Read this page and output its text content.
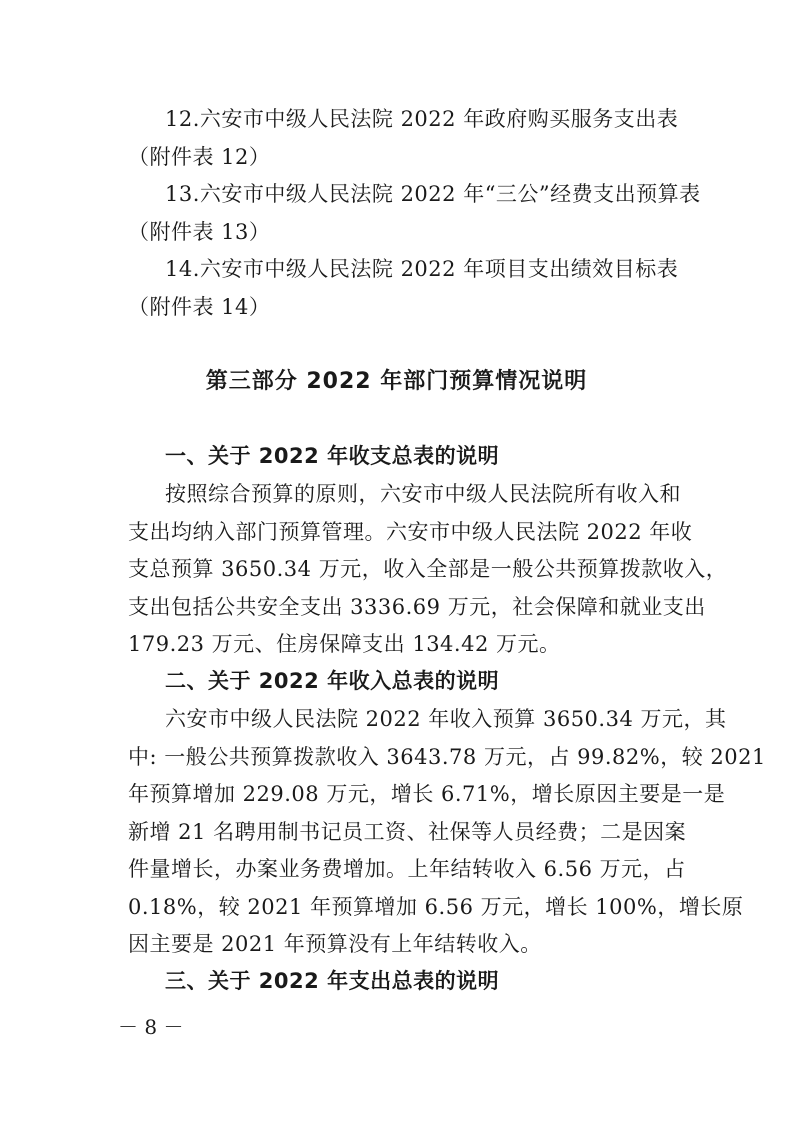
12.六安市中级人民法院 2022 年政府购买服务支出表
（附件表 12）
13.六安市中级人民法院 2022 年“三公”经费支出预算表
（附件表 13）
14.六安市中级人民法院 2022 年项目支出绩效目标表
（附件表 14）
第三部分 2022 年部门预算情况说明
一、关于 2022 年收支总表的说明
按照综合预算的原则，六安市中级人民法院所有收入和
支出均纳入部门预算管理。六安市中级人民法院 2022 年收
支总预算 3650.34 万元，收入全部是一般公共预算拨款收入，
支出包括公共安全支出 3336.69 万元，社会保障和就业支出
179.23 万元、住房保障支出 134.42 万元。
二、关于 2022 年收入总表的说明
六安市中级人民法院 2022 年收入预算 3650.34 万元，其
中: 一般公共预算拨款收入 3643.78 万元，占 99.82%，较 2021
年预算增加 229.08 万元，增长 6.71%，增长原因主要是一是
新增 21 名聘用制书记员工资、社保等人员经费；二是因案
件量增长，办案业务费增加。上年结转收入 6.56 万元，占
0.18%，较 2021 年预算增加 6.56 万元，增长 100%，增长原
因主要是 2021 年预算没有上年结转收入。
三、关于 2022 年支出总表的说明
－ 8 －
